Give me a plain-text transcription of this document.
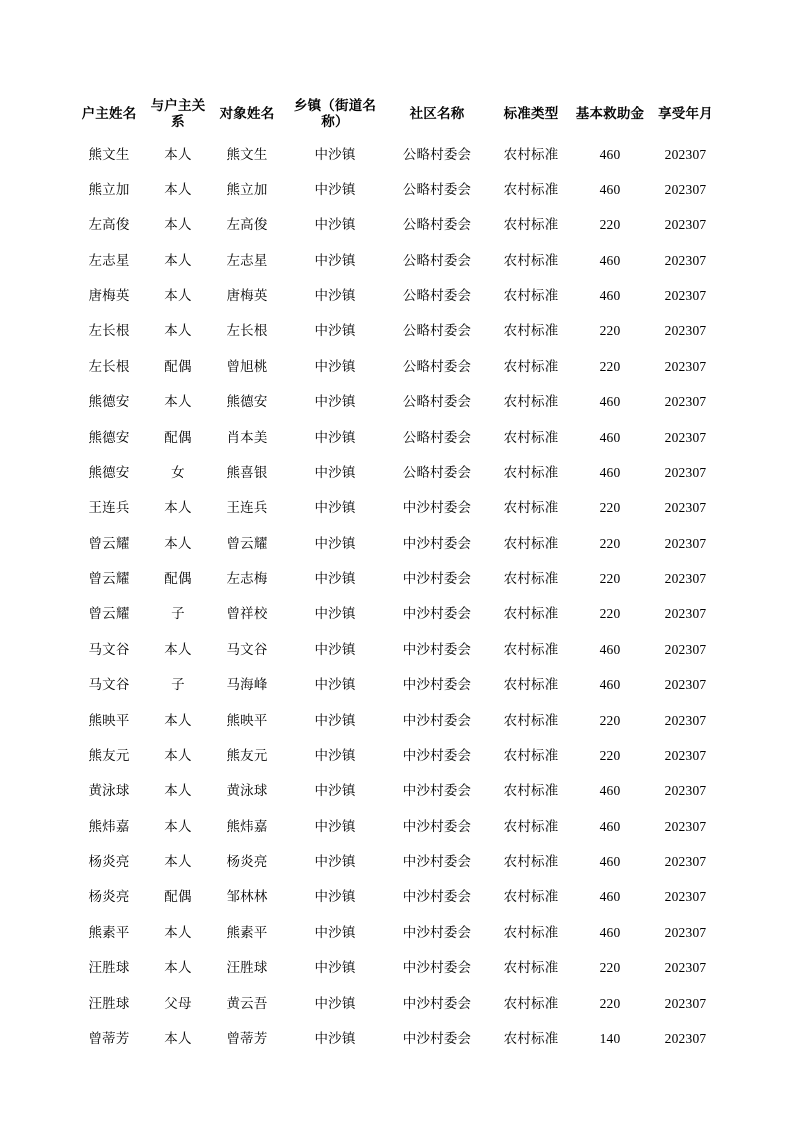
户主姓名	与户主关系	对象姓名	乡镇（街道名称）	社区名称	标准类型	基本救助金	享受年月
熊文生	本人	熊文生	中沙镇	公略村委会	农村标准	460	202307
熊立加	本人	熊立加	中沙镇	公略村委会	农村标准	460	202307
左高俊	本人	左高俊	中沙镇	公略村委会	农村标准	220	202307
左志星	本人	左志星	中沙镇	公略村委会	农村标准	460	202307
唐梅英	本人	唐梅英	中沙镇	公略村委会	农村标准	460	202307
左长根	本人	左长根	中沙镇	公略村委会	农村标准	220	202307
左长根	配偶	曾旭桃	中沙镇	公略村委会	农村标准	220	202307
熊德安	本人	熊德安	中沙镇	公略村委会	农村标准	460	202307
熊德安	配偶	肖本美	中沙镇	公略村委会	农村标准	460	202307
熊德安	女	熊喜银	中沙镇	公略村委会	农村标准	460	202307
王连兵	本人	王连兵	中沙镇	中沙村委会	农村标准	220	202307
曾云耀	本人	曾云耀	中沙镇	中沙村委会	农村标准	220	202307
曾云耀	配偶	左志梅	中沙镇	中沙村委会	农村标准	220	202307
曾云耀	子	曾祥校	中沙镇	中沙村委会	农村标准	220	202307
马文谷	本人	马文谷	中沙镇	中沙村委会	农村标准	460	202307
马文谷	子	马海峰	中沙镇	中沙村委会	农村标准	460	202307
熊映平	本人	熊映平	中沙镇	中沙村委会	农村标准	220	202307
熊友元	本人	熊友元	中沙镇	中沙村委会	农村标准	220	202307
黄泳球	本人	黄泳球	中沙镇	中沙村委会	农村标准	460	202307
熊炜嘉	本人	熊炜嘉	中沙镇	中沙村委会	农村标准	460	202307
杨炎亮	本人	杨炎亮	中沙镇	中沙村委会	农村标准	460	202307
杨炎亮	配偶	邹林林	中沙镇	中沙村委会	农村标准	460	202307
熊素平	本人	熊素平	中沙镇	中沙村委会	农村标准	460	202307
汪胜球	本人	汪胜球	中沙镇	中沙村委会	农村标准	220	202307
汪胜球	父母	黄云吾	中沙镇	中沙村委会	农村标准	220	202307
曾蒂芳	本人	曾蒂芳	中沙镇	中沙村委会	农村标准	140	202307
